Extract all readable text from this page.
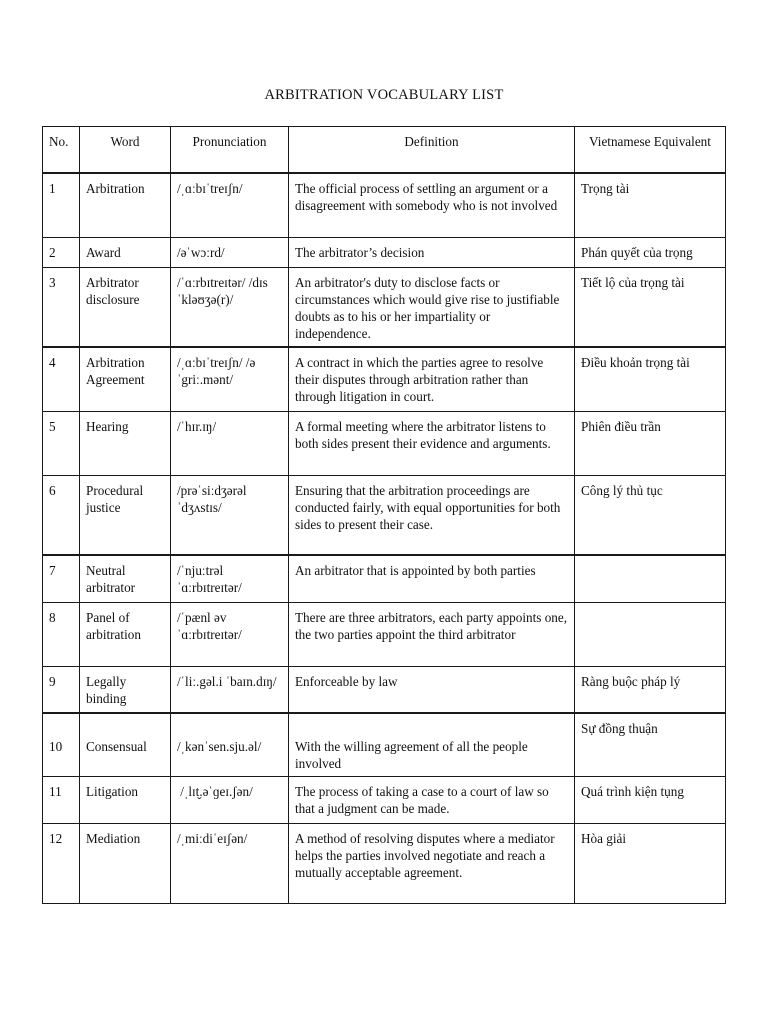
ARBITRATION VOCABULARY LIST
No.	Word	Pronunciation	Definition	Vietnamese Equivalent
1	Arbitration	/ˌɑːbɪˈtreɪʃn/	The official process of settling an argument or a disagreement with somebody who is not involved	Trọng tài
2	Award	/əˈwɔːrd/	The arbitrator’s decision	Phán quyết của trọng
3	Arbitrator disclosure	/ˈɑːrbɪtreɪtər/ /dɪsˈkləʊʒə(r)/	An arbitrator's duty to disclose facts or circumstances which would give rise to justifiable doubts as to his or her impartiality or independence.	Tiết lộ của trọng tài
4	Arbitration Agreement	/ˌɑːbɪˈtreɪʃn/ /əˈgriː.mənt/	A contract in which the parties agree to resolve their disputes through arbitration rather than through litigation in court.	Điều khoản trọng tài
5	Hearing	/ˈhɪr.ɪŋ/	A formal meeting where the arbitrator listens to both sides present their evidence and arguments.	Phiên điều trần
6	Procedural justice	/prəˈsiːdʒərəl ˈdʒʌstɪs/	Ensuring that the arbitration proceedings are conducted fairly, with equal opportunities for both sides to present their case.	Công lý thủ tục
7	Neutral arbitrator	/ˈnjuːtrəl ˈɑːrbɪtreɪtər/	An arbitrator that is appointed by both parties	
8	Panel of arbitration	/ˈpænl əv ˈɑːrbɪtreɪtər/	There are three arbitrators, each party appoints one, the two parties appoint the third arbitrator	
9	Legally binding	/ˈliː.gəl.i ˈbaɪn.dɪŋ/	Enforceable by law	Ràng buộc pháp lý
10	Consensual	/ˌkənˈsen.sju.əl/	With the willing agreement of all the people involved	Sự đồng thuận
11	Litigation	/ˌlɪt̬.əˈɡeɪ.ʃən/	The process of taking a case to a court of law so that a judgment can be made.	Quá trình kiện tụng
12	Mediation	/ˌmiːdiˈeɪʃən/	A method of resolving disputes where a mediator helps the parties involved negotiate and reach a mutually acceptable agreement.	Hòa giải
